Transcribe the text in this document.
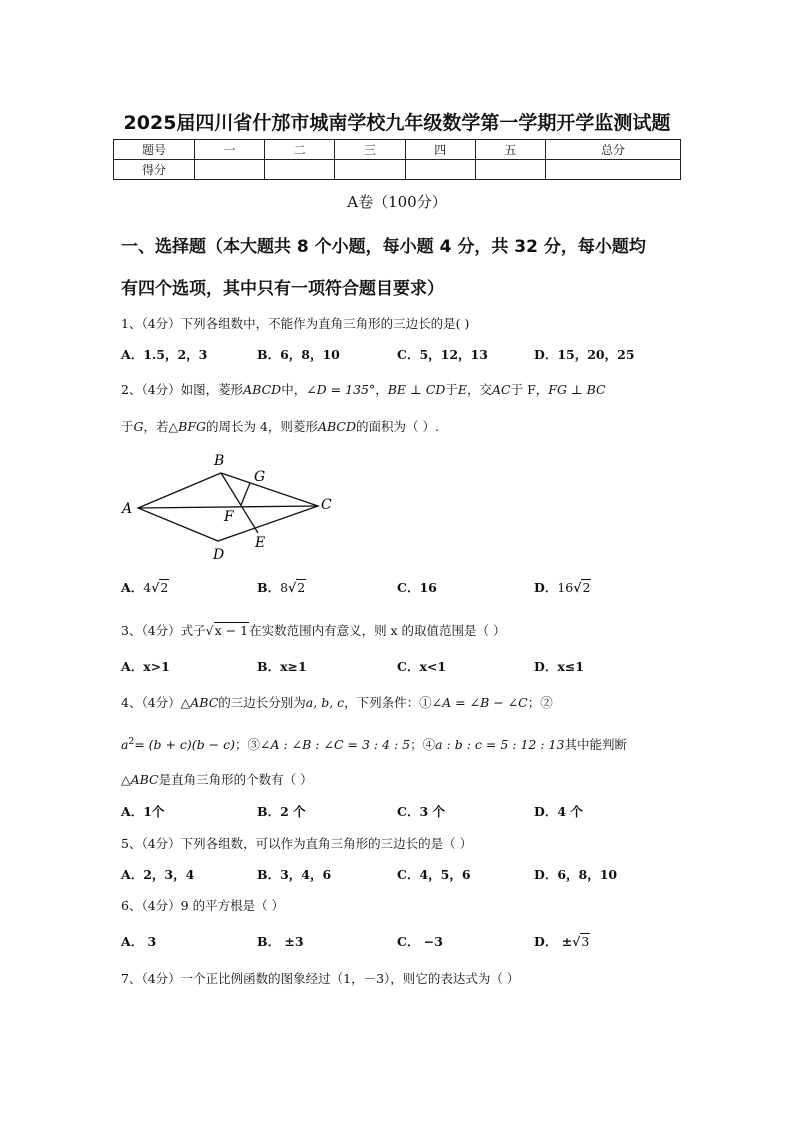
2025届四川省什邡市城南学校九年级数学第一学期开学监测试题
题号	一	二	三	四	五	总分
得分						
A卷（100分）
一、选择题（本大题共 8 个小题，每小题 4 分，共 32 分，每小题均
有四个选项，其中只有一项符合题目要求）
1、（4分）下列各组数中，不能作为直角三角形的三边长的是( )
A．1.5，2，3	B．6，8，10	C．5，12，13	D．15，20，25
2、（4分）如图，菱形ABCD中，∠D = 135°，BE ⊥ CD于E，交AC于 F，FG ⊥ BC
于G，若△BFG的周长为 4，则菱形ABCD的面积为（ ）.
A
B
C
D
E
F
G
A．4√2	B．8√2	C．16	D．16√2
3、（4分）式子√x − 1在实数范围内有意义，则 x 的取值范围是（ ）
A．x>1	B．x≥1	C．x<1	D．x≤1
4、（4分）△ABC的三边长分别为a, b, c，下列条件：①∠A = ∠B − ∠C；②
$a^2= (b + c)(b - c)$；③∠A : ∠B : ∠C = 3 : 4 : 5；④a : b : c = 5 : 12 : 13其中能判断
△ABC是直角三角形的个数有（ ）
A．1个	B．2 个	C．3 个	D．4 个
5、（4分）下列各组数，可以作为直角三角形的三边长的是（ ）
A．2，3，4	B．3，4，6	C．4，5，6	D．6，8，10
6、（4分）9 的平方根是（ ）
A． 3	B． ±3	C． −3	D． ±√3
7、（4分）一个正比例函数的图象经过（1，－3），则它的表达式为（ ）
